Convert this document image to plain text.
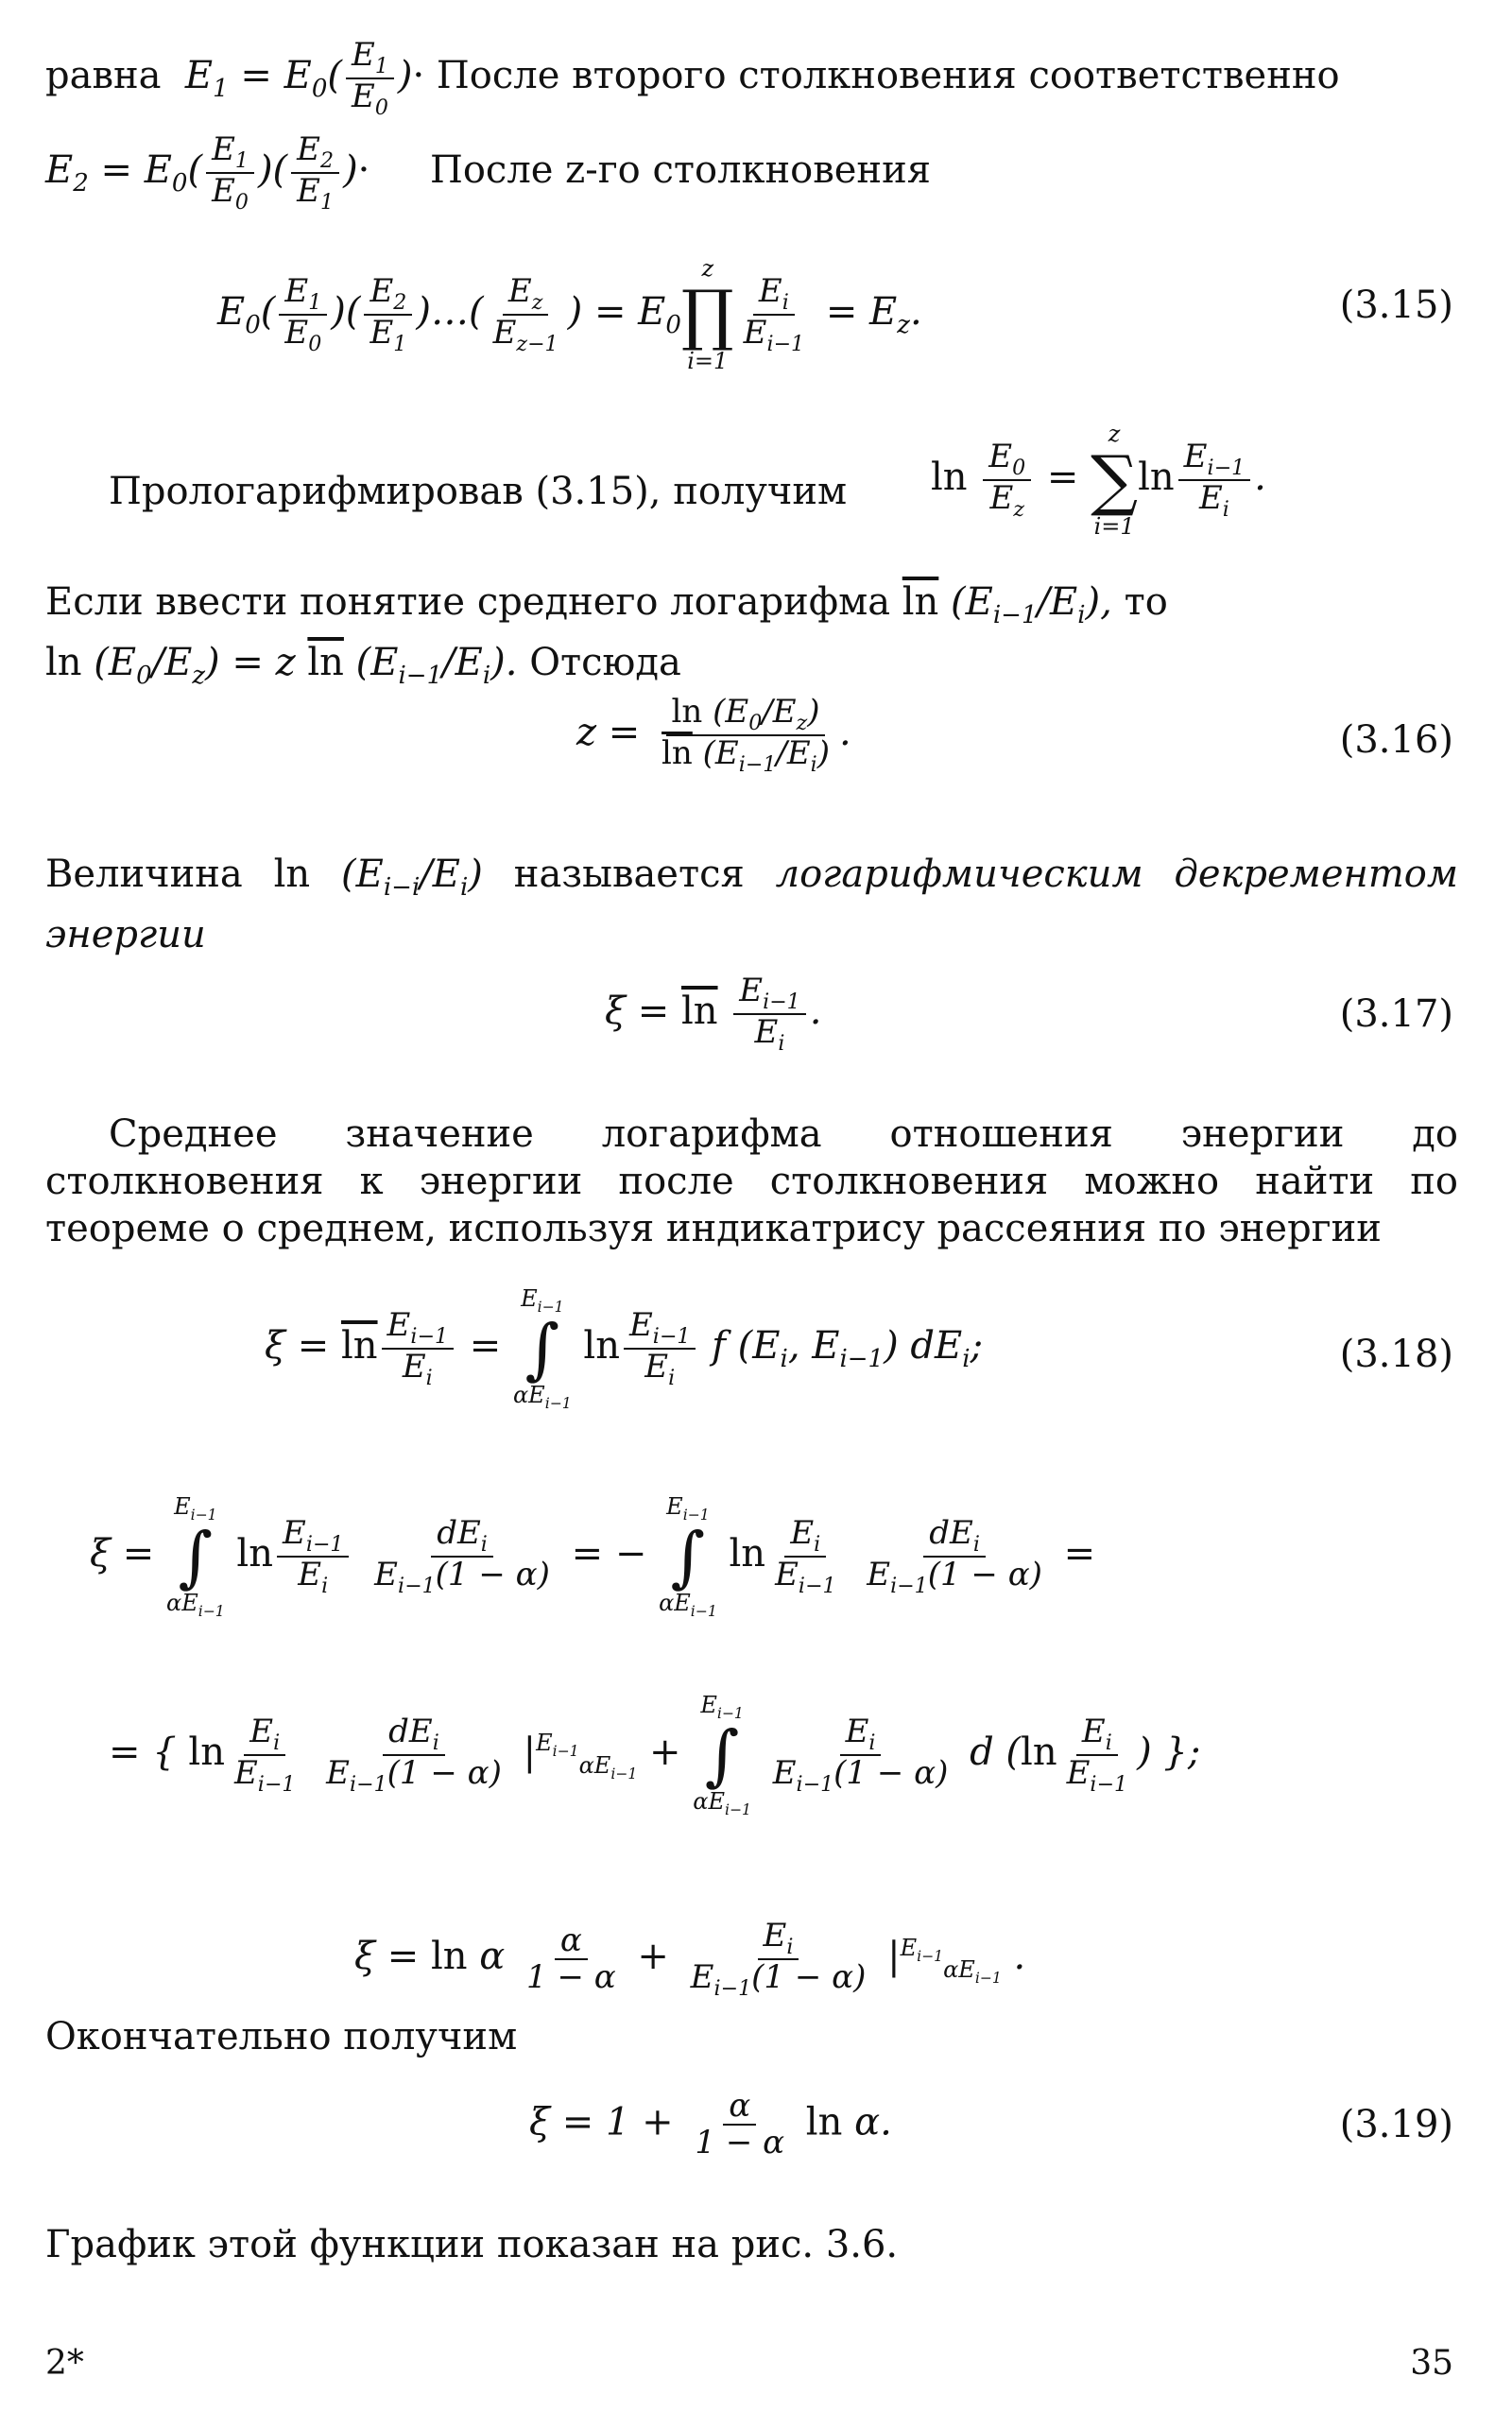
равна  $E_1 = E_0( \frac{E_1}{E_0}$ )· После второго столкновения соответственно
$E_2 = E_0( \frac{E_1}{E_0}$ )( $\frac{E_2}{E_1}$ )·     После z-го столкновения
$E_0( \frac{E_1}{E_0}$ )( $\frac{E_2}{E_1}$ )…( $\frac{E_z}{E_{z-1}}$ ) = $E_0$
z
∏
i=1
$\frac{E_i}{E_{i-1}} = E_z$.	(3.15)
Прологарифмировав (3.15), получим	$\ln \frac{E_0}{E_z}$ =
z
∑
i=1
$\ln \frac{E_{i-1}}{E_i}$ .
Если ввести понятие среднего логарифма $\overline{ln}$ $(E_{i-1}/E_i)$, то
$\ln (E_0/E_z) = z$ $\overline{ln}$ $(E_{i-1}/E_i)$. Отсюда
$z = \frac{\ln (E_0/E_z)}{\overline{ln} (E_{i-1}/E_i)}$ .	(3.16)
Величина $\ln (E_{i-i}/E_i)$ называется логарифмическим декрементом энергии
$\xi = \overline{ln} \frac{E_{i-1}}{E_i}$ .	(3.17)
Среднее значение логарифма отношения энергии до столкновения к энергии после столкновения можно найти по теореме о среднем, используя индикатрису рассеяния по энергии
$\xi = \overline{ln} \frac{E_{i-1}}{E_i}$ =
$E_{i-1}$
∫
$\alpha E_{i-1}$
$\ln \frac{E_{i-1}}{E_i}$ f ($E_i$, $E_{i-1}$) $dE_i$;	(3.18)
ξ =
$E_{i-1}$
∫
$\alpha E_{i-1}$
$\ln \frac{E_{i-1}}{E_i}$
$\frac{dE_i}{E_{i-1}(1 - \alpha)}$ = −
$E_{i-1}$
∫
$\alpha E_{i-1}$
$\ln \frac{E_i}{E_{i-1}}$
$\frac{dE_i}{E_{i-1}(1 - \alpha)}$ =
= { $\ln \frac{E_i}{E_{i-1}}$
$\frac{dE_i}{E_{i-1}(1 - \alpha)} |^{E_{i-1}}_{\alpha E_{i-1}}$ +
$E_{i-1}$
∫
$\alpha E_{i-1}$

$\frac{E_i}{E_{i-1}(1 - \alpha)}$ d ($\ln \frac{E_i}{E_{i-1}}$ ) };
ξ = ln α $\frac{\alpha}{1 - \alpha} + \frac{E_i}{E_{i-1}(1 - \alpha)} |^{E_{i-1}}_{\alpha E_{i-1}}$ .
Окончательно получим
$\xi = 1 + \frac{\alpha}{1 - \alpha}$ ln α.	(3.19)
График этой функции показан на рис. 3.6.
2*	35
